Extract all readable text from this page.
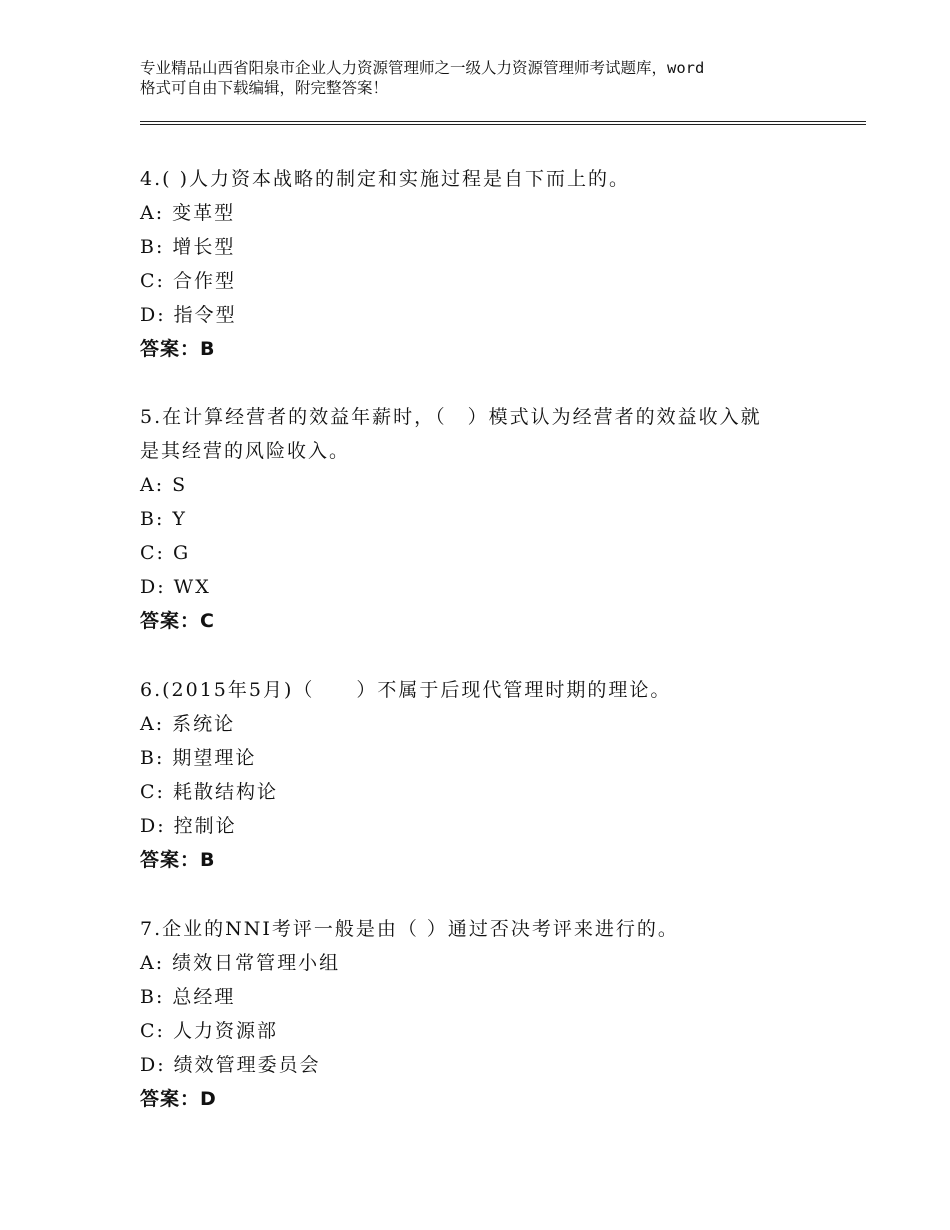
专业精品山西省阳泉市企业人力资源管理师之一级人力资源管理师考试题库，word
格式可自由下载编辑，附完整答案！
4.( )人力资本战略的制定和实施过程是自下而上的。
A: 变革型
B: 增长型
C: 合作型
D: 指令型
答案：B
5.在计算经营者的效益年薪时，（　）模式认为经营者的效益收入就
是其经营的风险收入。
A: S
B: Y
C: G
D: WX
答案：C
6.(2015年5月)（　　）不属于后现代管理时期的理论。
A: 系统论
B: 期望理论
C: 耗散结构论
D: 控制论
答案：B
7.企业的NNI考评一般是由（ ）通过否决考评来进行的。
A: 绩效日常管理小组
B: 总经理
C: 人力资源部
D: 绩效管理委员会
答案：D
